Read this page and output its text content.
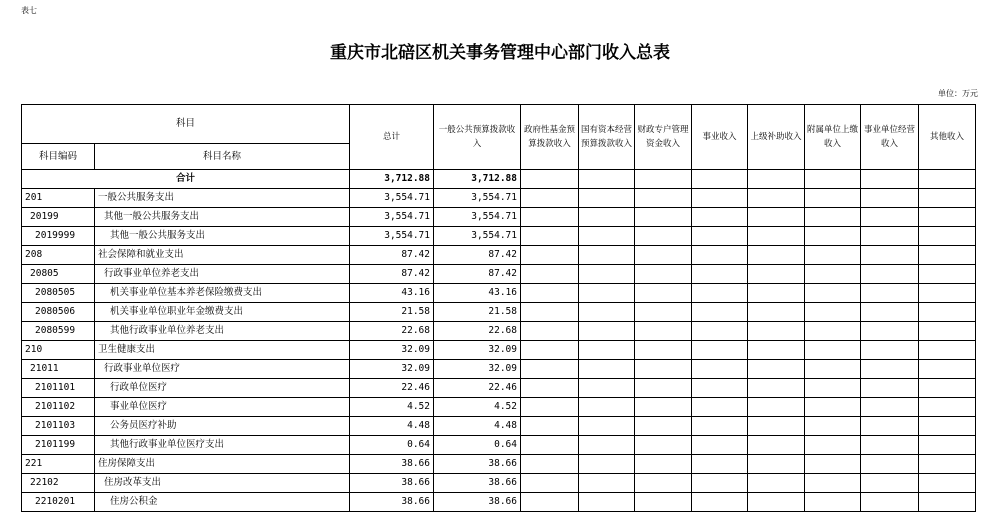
表七
重庆市北碚区机关事务管理中心部门收入总表
单位：万元
科目		总计	一般公共预算拨款收入	政府性基金预算拨款收入	国有资本经营预算拨款收入	财政专户管理资金收入	事业收入	上级补助收入	附属单位上缴收入	事业单位经营收入	其他收入
科目编码	科目名称										
合计		3,712.88	3,712.88								
201	一般公共服务支出	3,554.71	3,554.71								
20199	其他一般公共服务支出	3,554.71	3,554.71								
2019999	其他一般公共服务支出	3,554.71	3,554.71								
208	社会保障和就业支出	87.42	87.42								
20805	行政事业单位养老支出	87.42	87.42								
2080505	机关事业单位基本养老保险缴费支出	43.16	43.16								
2080506	机关事业单位职业年金缴费支出	21.58	21.58								
2080599	其他行政事业单位养老支出	22.68	22.68								
210	卫生健康支出	32.09	32.09								
21011	行政事业单位医疗	32.09	32.09								
2101101	行政单位医疗	22.46	22.46								
2101102	事业单位医疗	4.52	4.52								
2101103	公务员医疗补助	4.48	4.48								
2101199	其他行政事业单位医疗支出	0.64	0.64								
221	住房保障支出	38.66	38.66								
22102	住房改革支出	38.66	38.66								
2210201	住房公积金	38.66	38.66								
